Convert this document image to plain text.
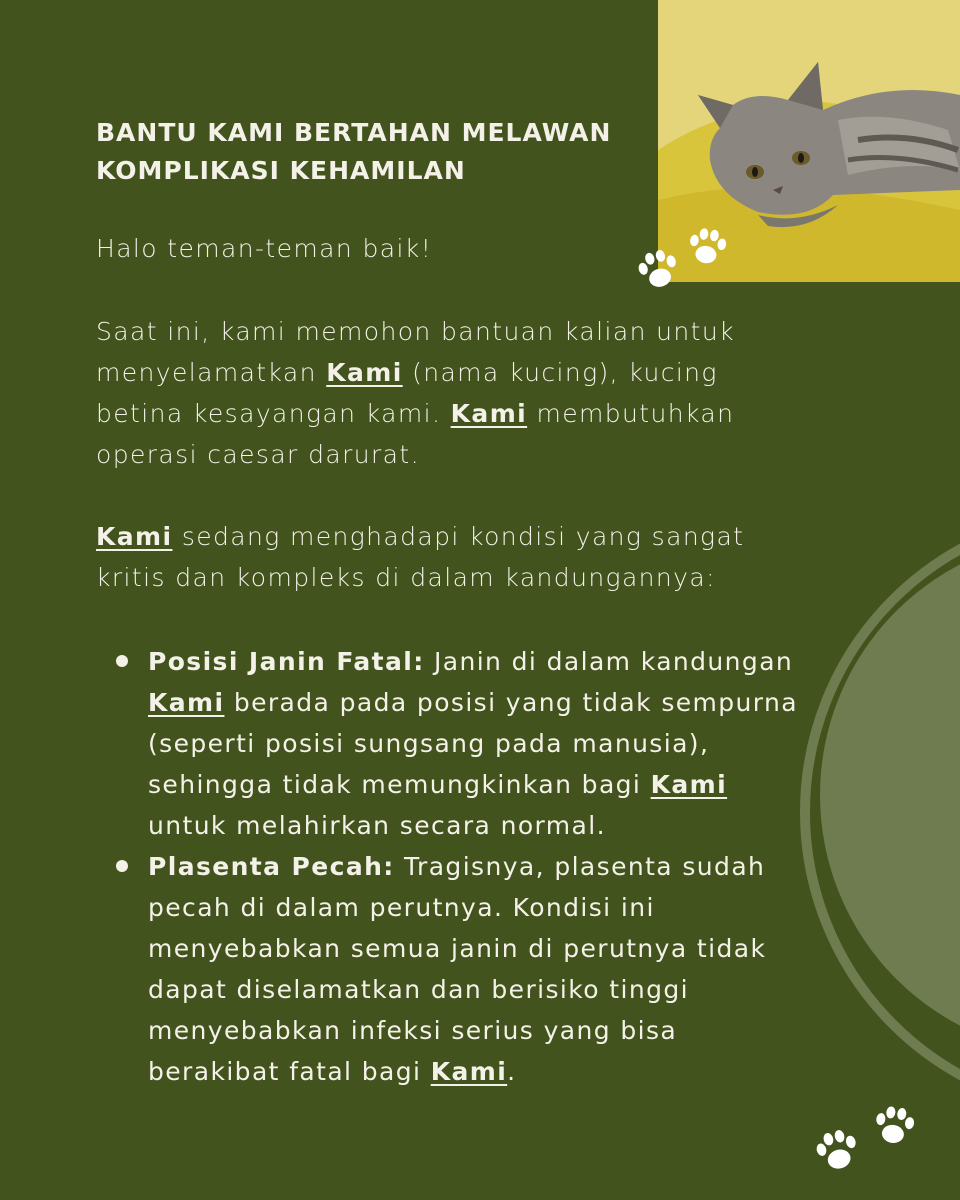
BANTU KAMI BERTAHAN MELAWAN KOMPLIKASI KEHAMILAN

Halo teman-teman baik!

Saat ini, kami memohon bantuan kalian untuk menyelamatkan Kami (nama kucing), kucing betina kesayangan kami. Kami membutuhkan operasi caesar darurat.

Kami sedang menghadapi kondisi yang sangat kritis dan kompleks di dalam kandungannya:

Posisi Janin Fatal: Janin di dalam kandungan Kami berada pada posisi yang tidak sempurna (seperti posisi sungsang pada manusia), sehingga tidak memungkinkan bagi Kami untuk melahirkan secara normal.
Plasenta Pecah: Tragisnya, plasenta sudah pecah di dalam perutnya. Kondisi ini menyebabkan semua janin di perutnya tidak dapat diselamatkan dan berisiko tinggi menyebabkan infeksi serius yang bisa berakibat fatal bagi Kami.
